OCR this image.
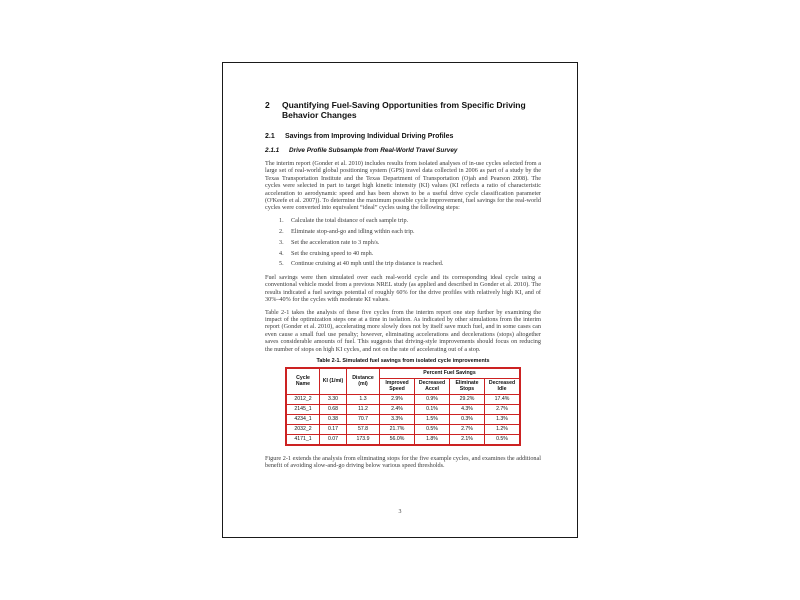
2	Quantifying Fuel-Saving Opportunities from Specific Driving Behavior Changes
2.1	Savings from Improving Individual Driving Profiles
2.1.1	Drive Profile Subsample from Real-World Travel Survey

The interim report (Gonder et al. 2010) includes results from isolated analyses of in-use cycles selected from a large set of real-world global positioning system (GPS) travel data collected in 2006 as part of a study by the Texas Transportation Institute and the Texas Department of Transportation (Ojah and Pearson 2008). The cycles were selected in part to target high kinetic intensity (KI) values (KI reflects a ratio of characteristic acceleration to aerodynamic speed and has been shown to be a useful drive cycle classification parameter (O'Keefe et al. 2007)). To determine the maximum possible cycle improvement, fuel savings for the real-world cycles were converted into equivalent “ideal” cycles using the following steps:

1.	Calculate the total distance of each sample trip.
2.	Eliminate stop-and-go and idling within each trip.
3.	Set the acceleration rate to 3 mph/s.
4.	Set the cruising speed to 40 mph.
5.	Continue cruising at 40 mph until the trip distance is reached.

Fuel savings were then simulated over each real-world cycle and its corresponding ideal cycle using a conventional vehicle model from a previous NREL study (as applied and described in Gonder et al. 2010). The results indicated a fuel savings potential of roughly 60% for the drive profiles with relatively high KI, and of 30%–40% for the cycles with moderate KI values.

Table 2-1 takes the analysis of these five cycles from the interim report one step further by examining the impact of the optimization steps one at a time in isolation. As indicated by other simulations from the interim report (Gonder et al. 2010), accelerating more slowly does not by itself save much fuel, and in some cases can even cause a small fuel use penalty; however, eliminating accelerations and decelerations (stops) altogether saves considerable amounts of fuel. This suggests that driving-style improvements should focus on reducing the number of stops on high KI cycles, and not on the rate of accelerating out of a stop.

Table 2-1. Simulated fuel savings from isolated cycle improvements
Cycle Name	KI (1/mi)	Distance (mi)	Percent Fuel Savings			
			Improved Speed	Decreased Accel	Eliminate Stops	Decreased Idle
2012_2	3.30	1.3	2.9%	0.9%	29.2%	17.4%
2145_1	0.68	11.2	2.4%	0.1%	4.3%	2.7%
4234_1	0.38	70.7	3.3%	1.5%	0.3%	1.3%
2032_2	0.17	57.8	21.7%	0.5%	2.7%	1.2%
4171_1	0.07	173.9	56.0%	1.8%	2.1%	0.5%

Figure 2-1 extends the analysis from eliminating stops for the five example cycles, and examines the additional benefit of avoiding slow-and-go driving below various speed thresholds.

3
